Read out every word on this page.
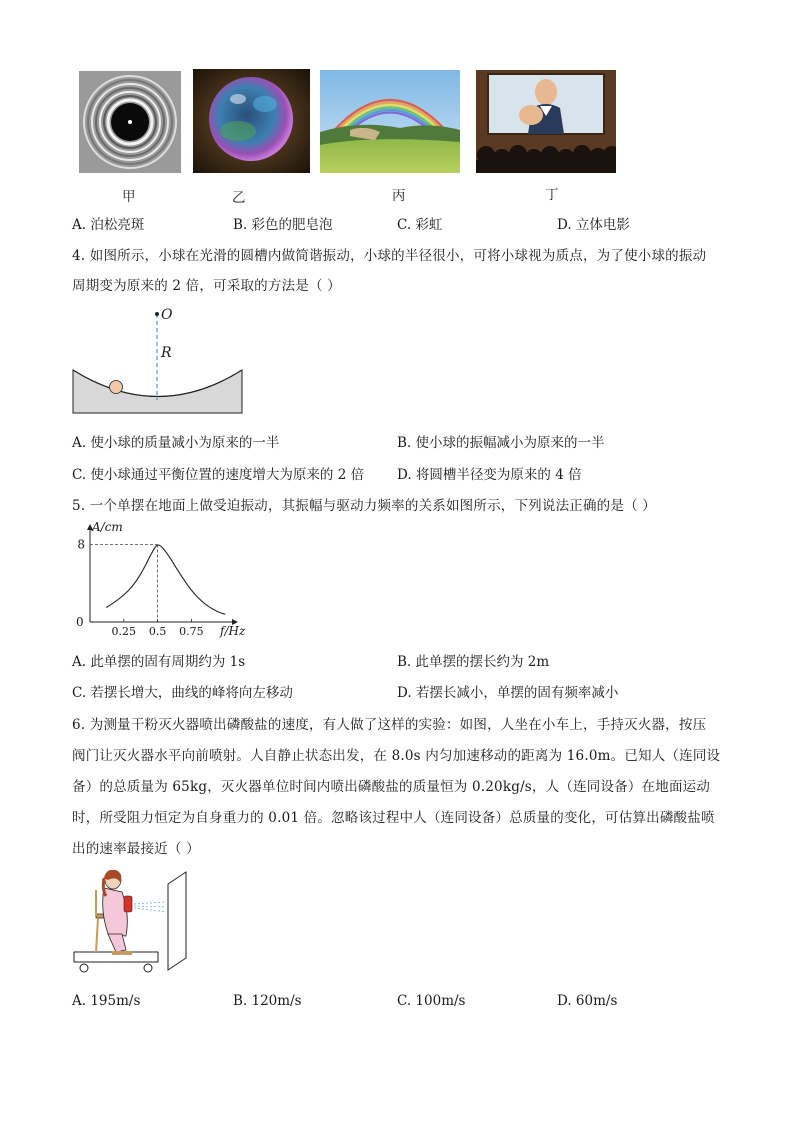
甲	乙	丙	丁
A. 泊松亮斑	B. 彩色的肥皂泡	C. 彩虹	D. 立体电影
4. 如图所示，小球在光滑的圆槽内做简谐振动，小球的半径很小，可将小球视为质点，为了使小球的振动
周期变为原来的 2 倍，可采取的方法是（ ）
O
R
A. 使小球的质量减小为原来的一半	B. 使小球的振幅减小为原来的一半
C. 使小球通过平衡位置的速度增大为原来的 2 倍 D. 将圆槽半径变为原来的 4 倍
5. 一个单摆在地面上做受迫振动，其振幅与驱动力频率的关系如图所示，下列说法正确的是（ ）
0.25 0.5 0.75
8
A/cm
f/Hz
0
A. 此单摆的固有周期约为 1s	B. 此单摆的摆长约为 2m
C. 若摆长增大，曲线的峰将向左移动	D. 若摆长减小，单摆的固有频率减小
6. 为测量干粉灭火器喷出磷酸盐的速度，有人做了这样的实验：如图，人坐在小车上，手持灭火器，按压
阀门让灭火器水平向前喷射。人自静止状态出发，在 8.0s 内匀加速移动的距离为 16.0m。已知人（连同设
备）的总质量为 65kg，灭火器单位时间内喷出磷酸盐的质量恒为 0.20kg/s，人（连同设备）在地面运动
时，所受阻力恒定为自身重力的 0.01 倍。忽略该过程中人（连同设备）总质量的变化，可估算出磷酸盐喷
出的速率最接近（ ）
A. 195m/s	B. 120m/s	C. 100m/s	D. 60m/s
